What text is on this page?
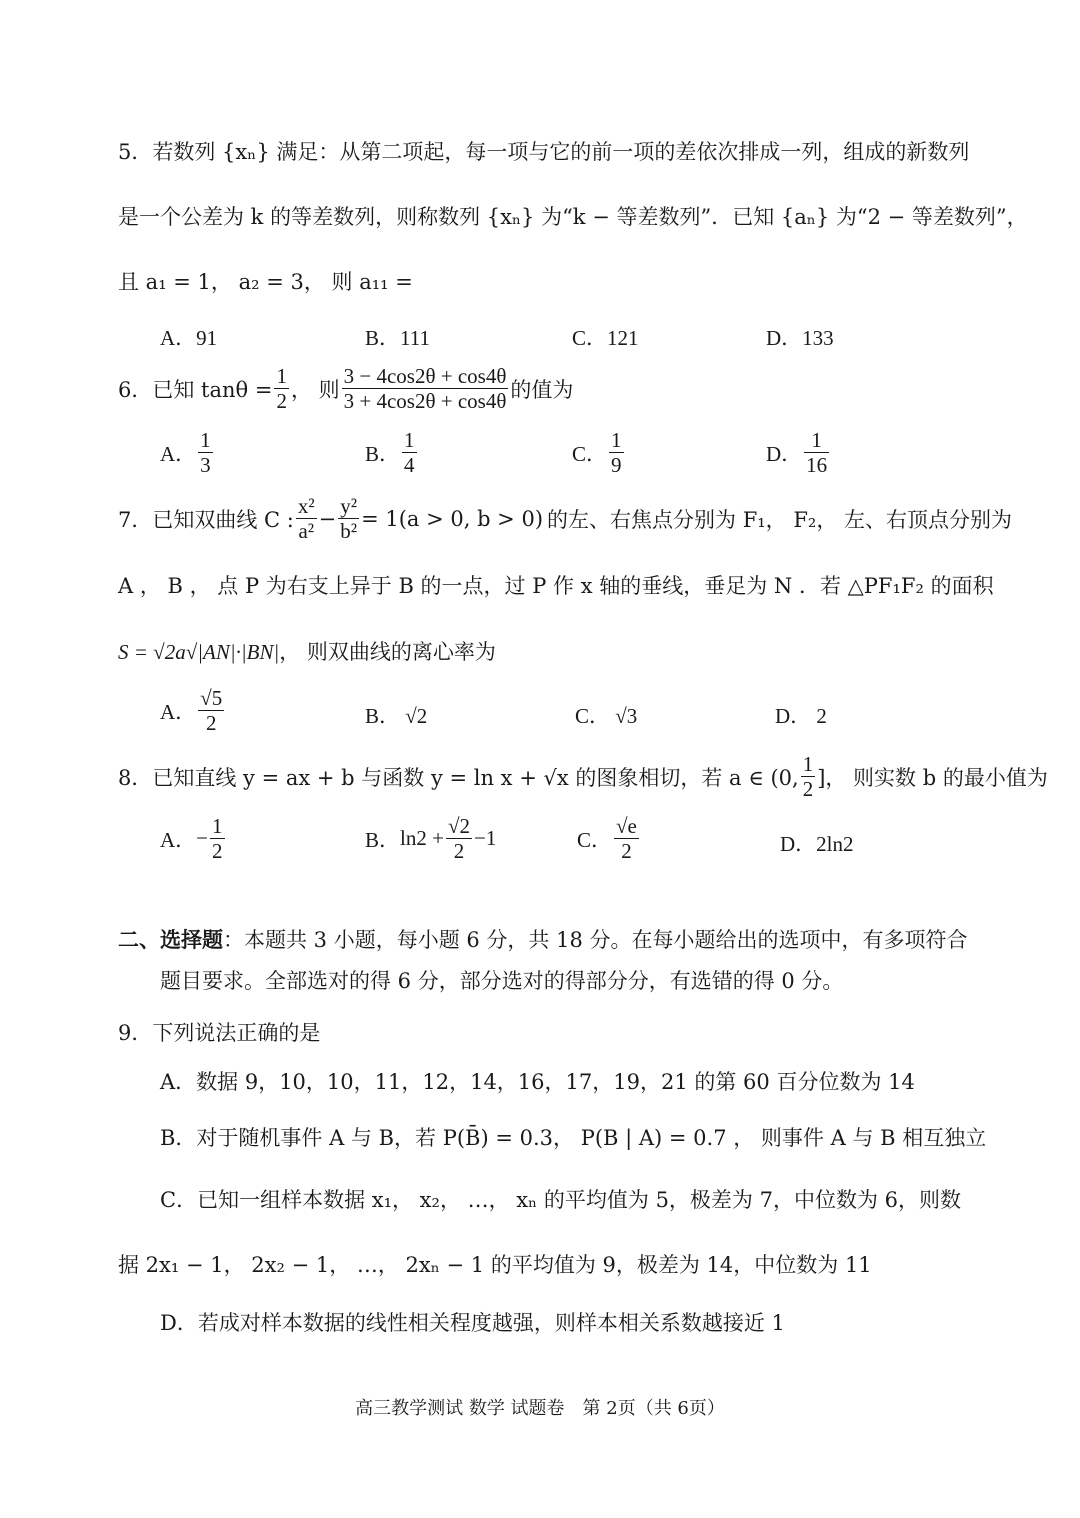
5．若数列 {xₙ} 满足：从第二项起，每一项与它的前一项的差依次排成一列，组成的新数列
是一个公差为 k 的等差数列，则称数列 {xₙ} 为“k − 等差数列”．已知 {aₙ} 为“2 − 等差数列”，
且 a₁ = 1， a₂ = 3， 则 a₁₁ =
A．91	B．111	C．121	D．133
6．已知 $\tan\theta = \frac{1}{2}$ ， 则 $\frac{3 - 4\cos 2\theta + \cos 4\theta}{3 + 4\cos 2\theta + \cos 4\theta}$ 的值为
A． $\frac{1}{3}$	B． $\frac{1}{4}$	C． $\frac{1}{9}$	D． $\frac{1}{16}$
7．已知双曲线 C : $\frac{\text{x²}}{\text{a²}} - \frac{\text{y²}}{\text{b²}} = 1(a > 0$, b > 0) 的左、右焦点分别为 F₁， F₂， 左、右顶点分别为
A ， B ， 点 P 为右支上异于 B 的一点，过 P 作 x 轴的垂线，垂足为 N ．若 △PF₁F₂ 的面积
S = √2a√|AN|·|BN|， 则双曲线的离心率为
A． $\frac{√5}{2}$	B． √2	C． √3	D． 2
8．已知直线 y = ax + b 与函数 y = ln x + √x 的图象相切，若 a ∈ (0, $\frac{1}{2}$ ]， 则实数 b 的最小值为
A． − $\frac{1}{2}$	B． $\ln 2 + \frac{√2}{2} -1$	C． $\frac{√e}{2}$	D．2ln2
二、选择题：本题共 3 小题，每小题 6 分，共 18 分。在每小题给出的选项中，有多项符合
题目要求。全部选对的得 6 分，部分选对的得部分分，有选错的得 0 分。
9．下列说法正确的是
A．数据 9，10，10，11，12，14，16，17，19，21 的第 60 百分位数为 14
B．对于随机事件 A 与 B，若 P(B̄) = 0.3， P(B | A) = 0.7 ， 则事件 A 与 B 相互独立
C．已知一组样本数据 x₁， x₂， …， xₙ 的平均值为 5，极差为 7，中位数为 6，则数
据 2x₁ − 1， 2x₂ − 1， …， 2xₙ − 1 的平均值为 9，极差为 14，中位数为 11
D．若成对样本数据的线性相关程度越强，则样本相关系数越接近 1
高三教学测试 数学 试题卷　第 2页（共 6页）
